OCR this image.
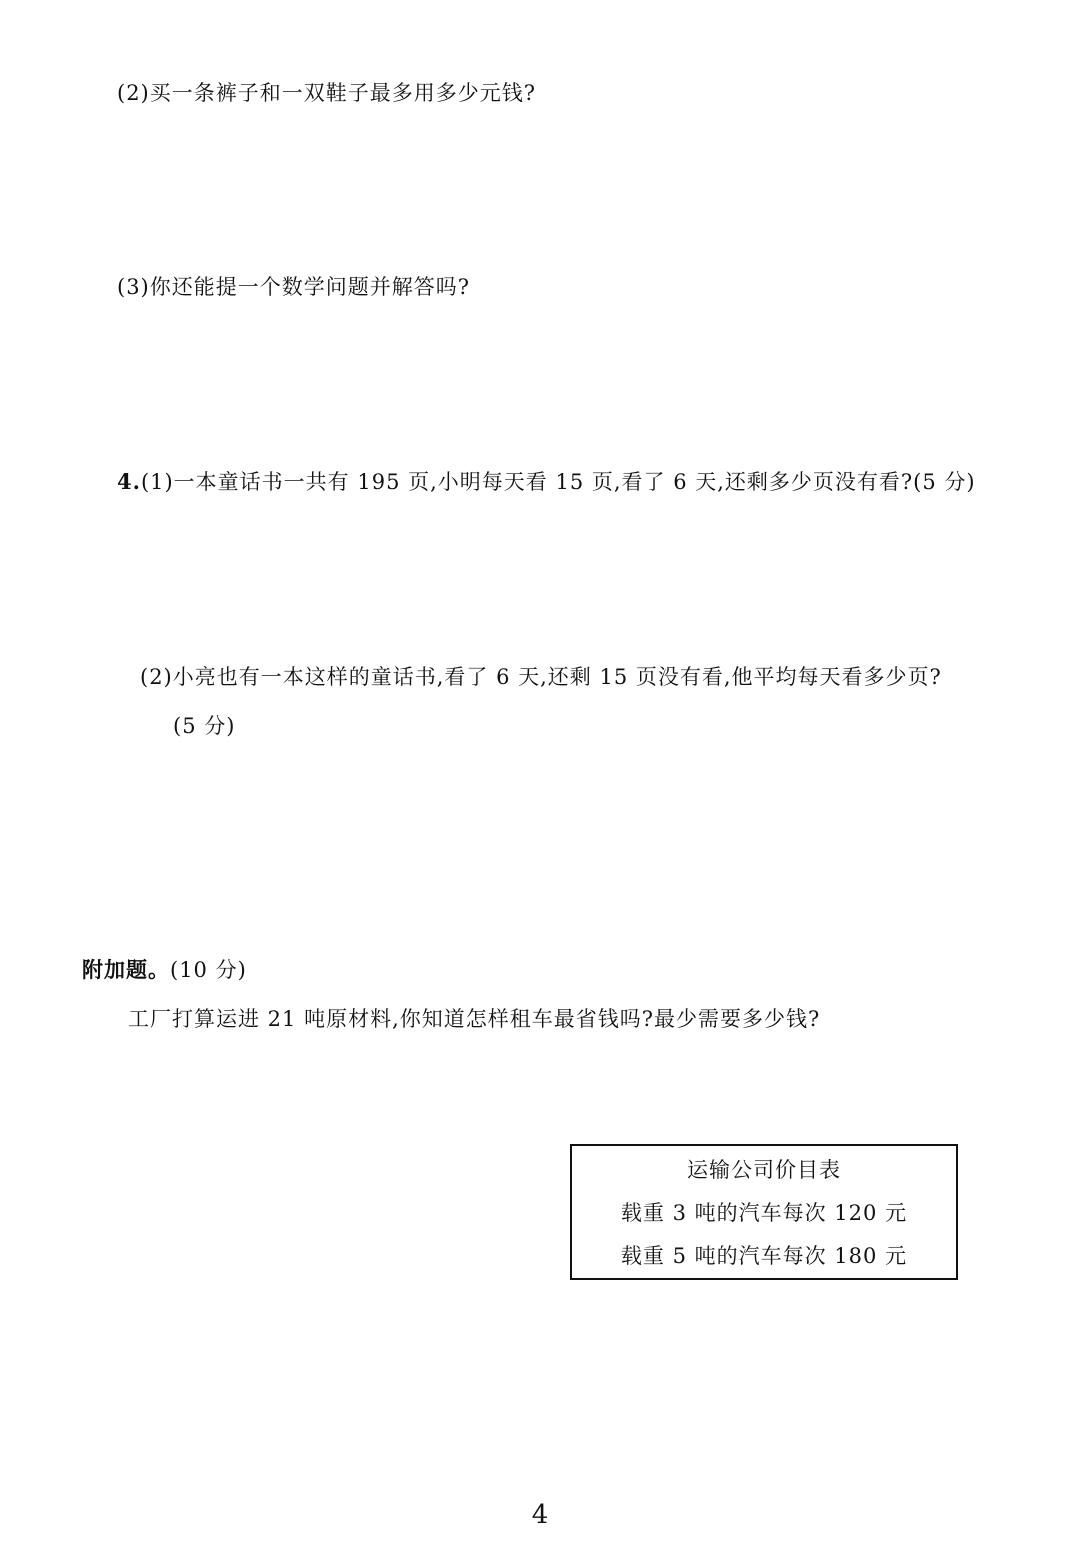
(2)买一条裤子和一双鞋子最多用多少元钱?
(3)你还能提一个数学问题并解答吗?
4.(1)一本童话书一共有 195 页,小明每天看 15 页,看了 6 天,还剩多少页没有看?(5 分)
(2)小亮也有一本这样的童话书,看了 6 天,还剩 15 页没有看,他平均每天看多少页?
(5 分)
附加题。(10 分)
工厂打算运进 21 吨原材料,你知道怎样租车最省钱吗?最少需要多少钱?
运输公司价目表
载重 3 吨的汽车每次 120 元
载重 5 吨的汽车每次 180 元
4
